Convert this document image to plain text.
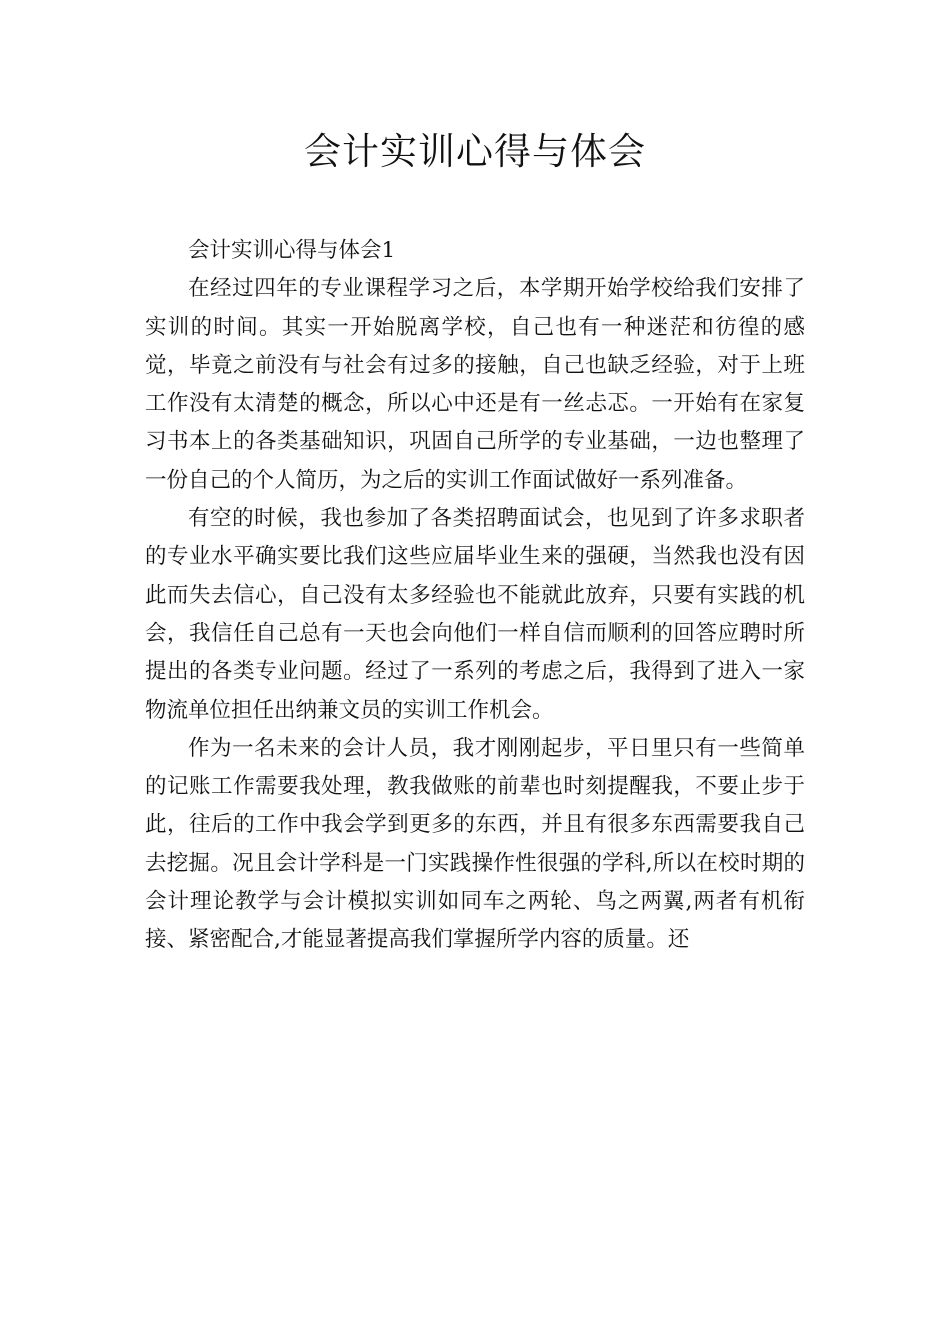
会计实训心得与体会

会计实训心得与体会1

在经过四年的专业课程学习之后，本学期开始学校给我们安排了实训的时间。其实一开始脱离学校，自己也有一种迷茫和彷徨的感觉，毕竟之前没有与社会有过多的接触，自己也缺乏经验，对于上班工作没有太清楚的概念，所以心中还是有一丝忐忑。一开始有在家复习书本上的各类基础知识，巩固自己所学的专业基础，一边也整理了一份自己的个人简历，为之后的实训工作面试做好一系列准备。

有空的时候，我也参加了各类招聘面试会，也见到了许多求职者的专业水平确实要比我们这些应届毕业生来的强硬，当然我也没有因此而失去信心，自己没有太多经验也不能就此放弃，只要有实践的机会，我信任自己总有一天也会向他们一样自信而顺利的回答应聘时所提出的各类专业问题。经过了一系列的考虑之后，我得到了进入一家物流单位担任出纳兼文员的实训工作机会。

作为一名未来的会计人员，我才刚刚起步，平日里只有一些简单的记账工作需要我处理，教我做账的前辈也时刻提醒我，不要止步于此，往后的工作中我会学到更多的东西，并且有很多东西需要我自己去挖掘。况且会计学科是一门实践操作性很强的学科,所以在校时期的会计理论教学与会计模拟实训如同车之两轮、鸟之两翼,两者有机衔接、紧密配合,才能显著提高我们掌握所学内容的质量。还
